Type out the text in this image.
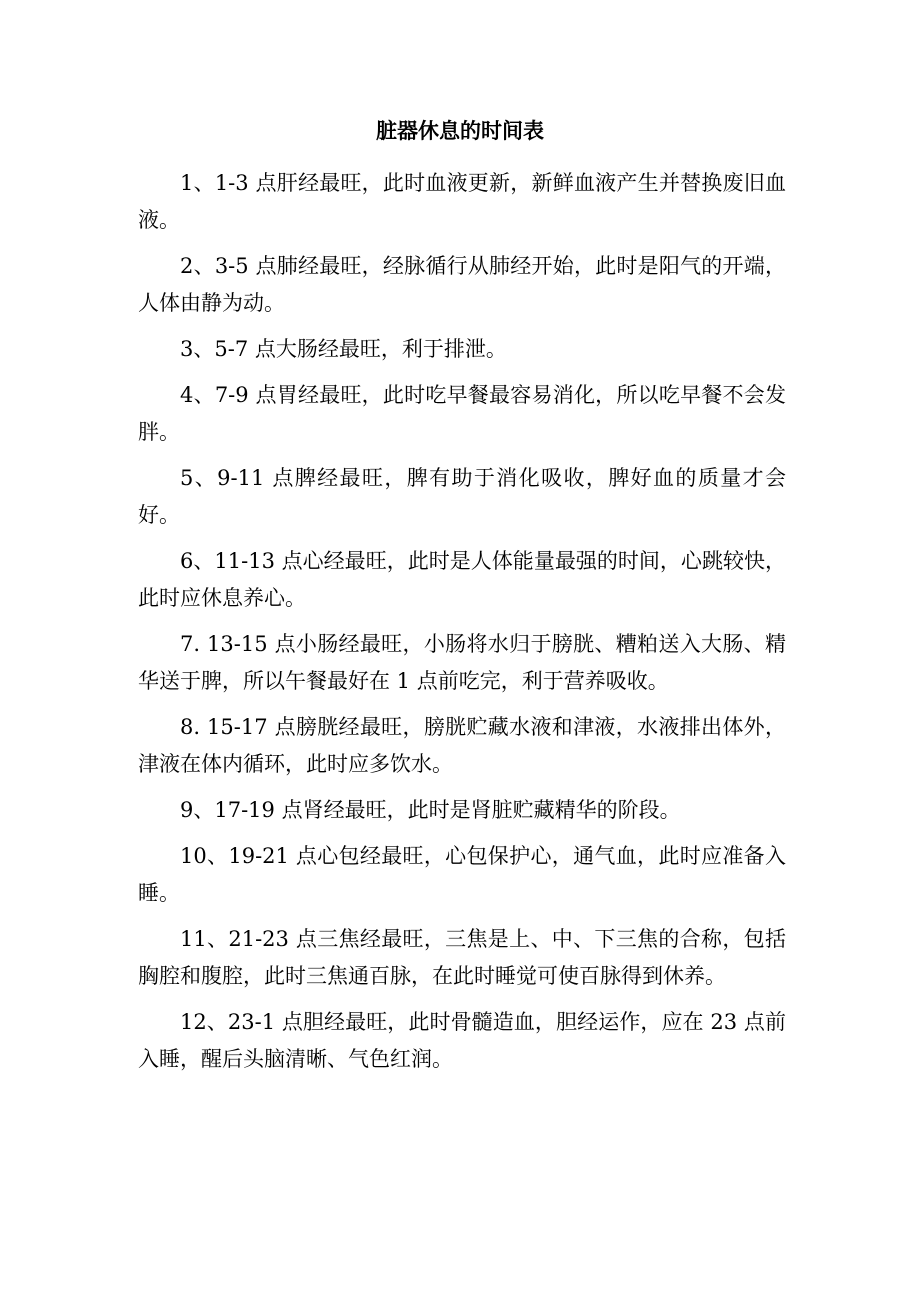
脏器休息的时间表

1、1-3 点肝经最旺，此时血液更新，新鲜血液产生并替换废旧血液。

2、3-5 点肺经最旺，经脉循行从肺经开始，此时是阳气的开端，人体由静为动。

3、5-7 点大肠经最旺，利于排泄。

4、7-9 点胃经最旺，此时吃早餐最容易消化，所以吃早餐不会发胖。

5、9-11 点脾经最旺，脾有助于消化吸收，脾好血的质量才会好。

6、11-13 点心经最旺，此时是人体能量最强的时间，心跳较快，此时应休息养心。

7. 13-15 点小肠经最旺，小肠将水归于膀胱、糟粕送入大肠、精华送于脾，所以午餐最好在 1 点前吃完，利于营养吸收。

8. 15-17 点膀胱经最旺，膀胱贮藏水液和津液，水液排出体外，津液在体内循环，此时应多饮水。

9、17-19 点肾经最旺，此时是肾脏贮藏精华的阶段。

10、19-21 点心包经最旺，心包保护心，通气血，此时应准备入睡。

11、21-23 点三焦经最旺，三焦是上、中、下三焦的合称，包括胸腔和腹腔，此时三焦通百脉，在此时睡觉可使百脉得到休养。

12、23-1 点胆经最旺，此时骨髓造血，胆经运作，应在 23 点前入睡，醒后头脑清晰、气色红润。
